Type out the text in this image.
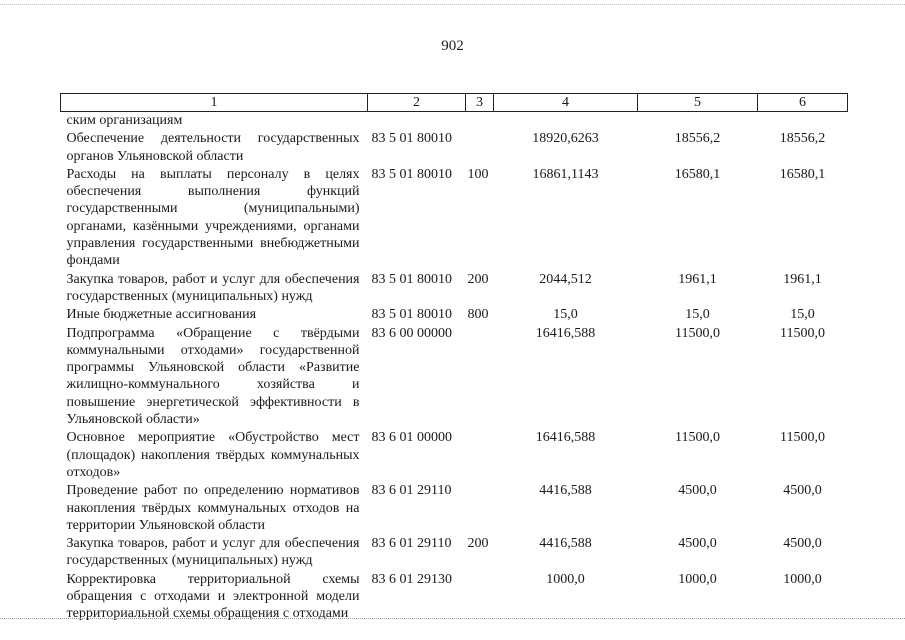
902
1	2	3	4	5	6
ским организациям					
Обеспечение деятельности государственных органов Ульяновской области	83 5 01 80010		18920,6263	18556,2	18556,2
Расходы на выплаты персоналу в целях обеспечения выполнения функций государственными (муниципальными) органами, казёнными учреждениями, органами управления государственными внебюджетными фондами	83 5 01 80010	100	16861,1143	16580,1	16580,1
Закупка товаров, работ и услуг для обеспечения государственных (муниципальных) нужд	83 5 01 80010	200	2044,512	1961,1	1961,1
Иные бюджетные ассигнования	83 5 01 80010	800	15,0	15,0	15,0
Подпрограмма «Обращение с твёрдыми коммунальными отходами» государственной программы Ульяновской области «Развитие жилищно-коммунального хозяйства и повышение энергетической эффективности в Ульяновской области»	83 6 00 00000		16416,588	11500,0	11500,0
Основное мероприятие «Обустройство мест (площадок) накопления твёрдых коммунальных отходов»	83 6 01 00000		16416,588	11500,0	11500,0
Проведение работ по определению нормативов накопления твёрдых коммунальных отходов на территории Ульяновской области	83 6 01 29110		4416,588	4500,0	4500,0
Закупка товаров, работ и услуг для обеспечения государственных (муниципальных) нужд	83 6 01 29110	200	4416,588	4500,0	4500,0
Корректировка территориальной схемы обращения с отходами и электронной модели территориальной схемы обращения с отходами	83 6 01 29130		1000,0	1000,0	1000,0
